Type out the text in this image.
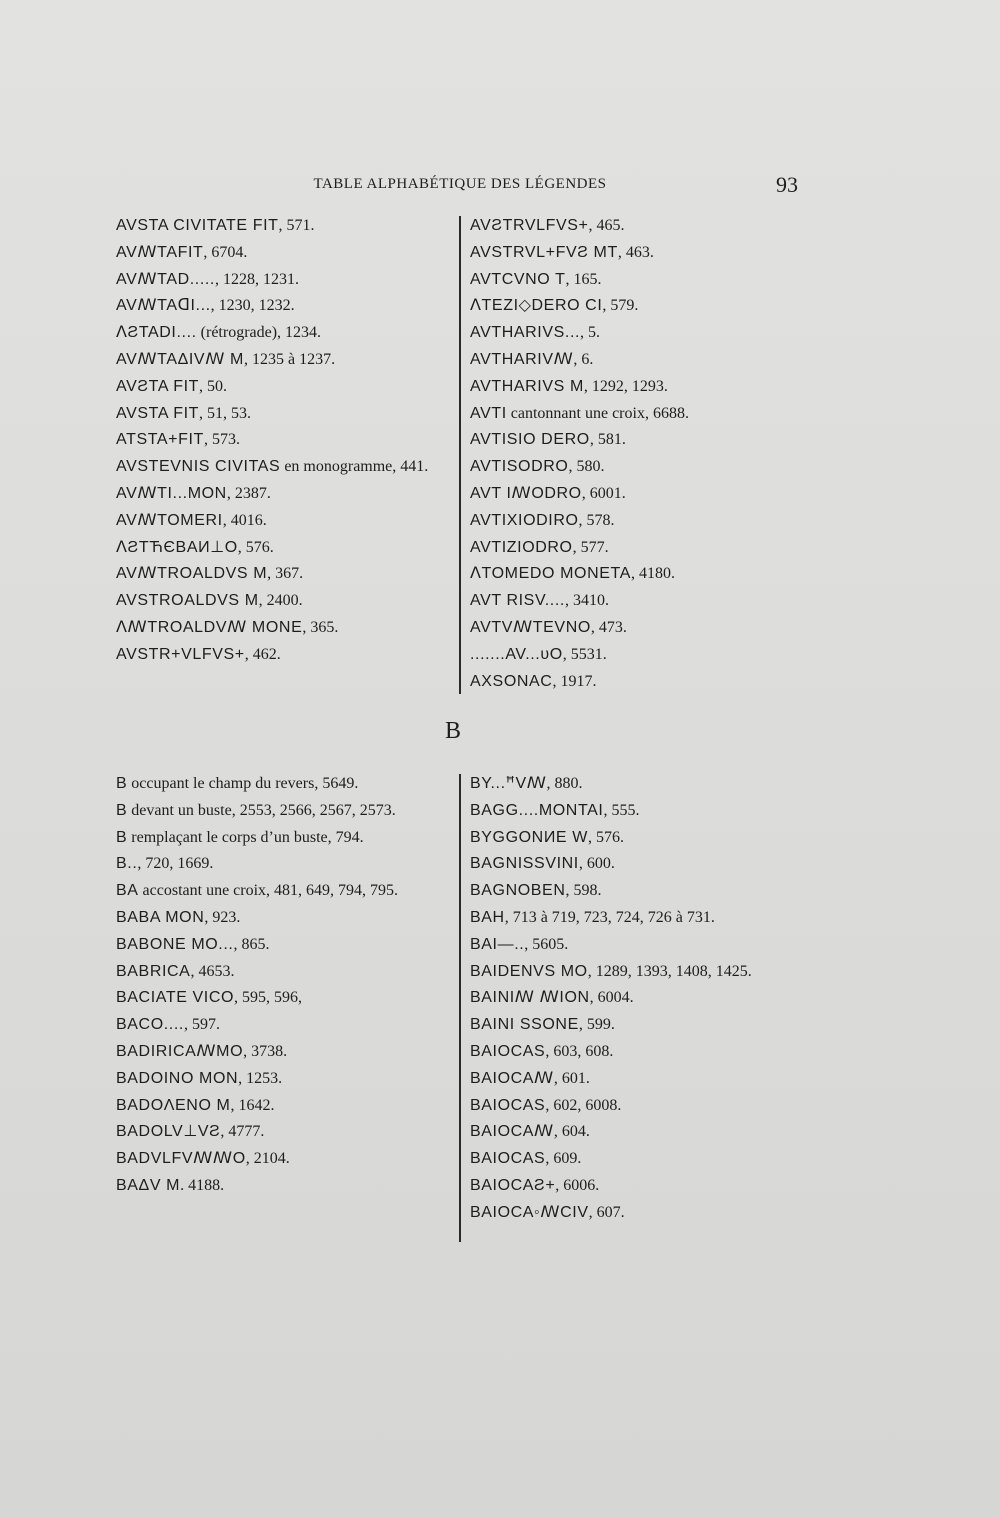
TABLE ALPHABÉTIQUE DES LÉGENDES	93
AVSTA CIVITATE FIT, 571.
AVꟿTAFIT, 6704.
AVꟿTAD....., 1228, 1231.
AVꟿTAᗡI..., 1230, 1232.
ꓥƧTADI.... (rétrograde), 1234.
AVꟿTAΔIVꟿ M, 1235 à 1237.
AVƧTA FIT, 50.
AVSTA FIT, 51, 53.
ATSTA+FIT, 573.
AVSTEVNIS CIVITAS en monogramme, 441.
AVꟿTI...MON, 2387.
AVꟿTOMERI, 4016.
ꓥƧTЋЄBAИ⊥O, 576.
AVꟿTROALDVS M, 367.
AVSTROALDVS M, 2400.
ꓥꟿTROALDVꟿ MONE, 365.
AVSTR+VLFVS+, 462.
AVƧTRVLFVS+, 465.
AVSTRVL+FVƧ MT, 463.
AVTCVNO T, 165.
ꓥTEZI◇DERO CI, 579.
AVTHARIVS..., 5.
AVTHARIVꟿ, 6.
AVTHARIVS M, 1292, 1293.
AVTI cantonnant une croix, 6688.
AVTISIO DERO, 581.
AVTISODRO, 580.
AVT IꟿODRO, 6001.
AVTIXIODIRO, 578.
AVTIZIODRO, 577.
ꓥTOMEDO MONETA, 4180.
AVT RISV...., 3410.
AVTVꟿTEVNO, 473.
.......AV...υO, 5531.
AXSONAC, 1917.
B
B occupant le champ du revers, 5649.
B devant un buste, 2553, 2566, 2567, 2573.
B remplaçant le corps d’un buste, 794.
B.., 720, 1669.
BA accostant une croix, 481, 649, 794, 795.
BABA MON, 923.
BABONE MO..., 865.
BABRICA, 4653.
BACIATE VICO, 595, 596,
BACO...., 597.
BADIRICAꟿMO, 3738.
BADOINO MON, 1253.
BADOΛENO M, 1642.
BADOLV⊥VƧ, 4777.
BADVLFVꟿꟿO, 2104.
BAΔV M. 4188.
BY...ꟸVꟿ, 880.
BAGG....MONTAI, 555.
BYGGONИE W, 576.
BAGNISSVINI, 600.
BAGNOBEN, 598.
BAH, 713 à 719, 723, 724, 726 à 731.
BAI—.., 5605.
BAIDENVS MO, 1289, 1393, 1408, 1425.
BAINIꟿ ꟿION, 6004.
BAINI SSONE, 599.
BAIOCAS, 603, 608.
BAIOCAꟿ, 601.
BAIOCAS, 602, 6008.
BAIOCAꟿ, 604.
BAIOCAS, 609.
BAIOCAƧ+, 6006.
BAIOCA◦ꟿCIV, 607.
